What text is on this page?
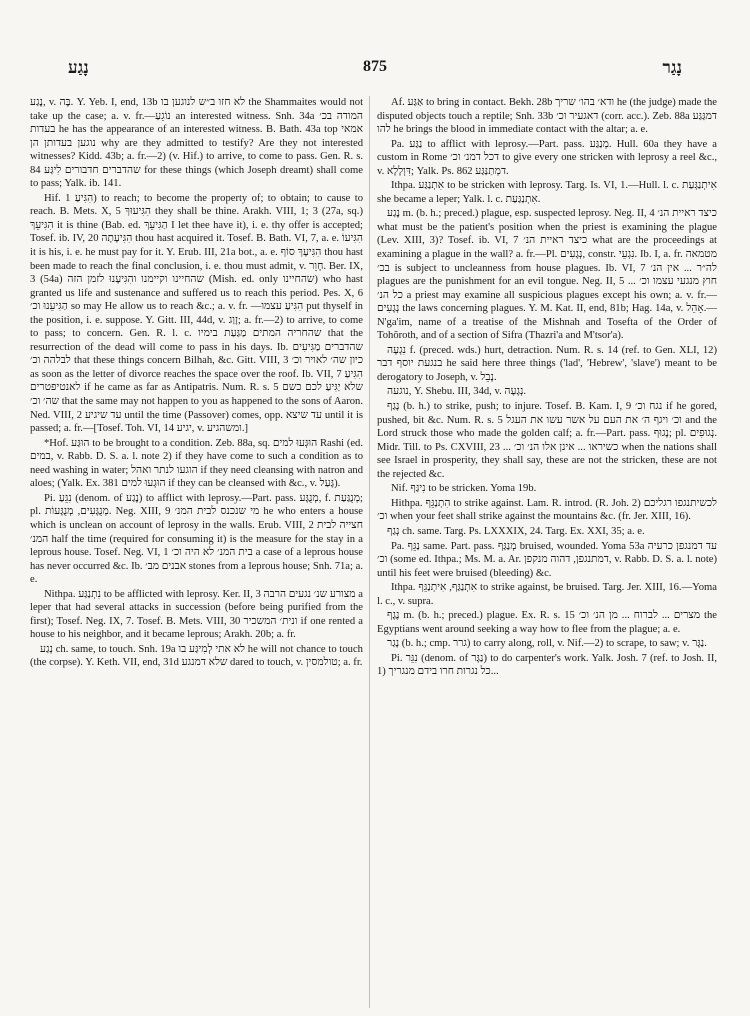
נָגַע	875	נָגַר

נֶגַע, v. בֶּה. Y. Yeb. I, end, 13b לא חזו ב״ש לנוגען בו the Shammaites would not take up the case; a. v. fr.—נוֹגֵעַ an interested witness. Snh. 34a המודה בכ׳ בעדות he has the appearance of an interested witness. B. Bath. 43a top אמאי נוגען בעדותן הן why are they admitted to testify? Are they not interested witnesses? Kidd. 43b; a. fr.—2) (v. Hif.) to arrive, to come to pass. Gen. R. s. 84 שהדברים חדבורים לִיגַּע for these things (which Joseph dreamt) shall come to pass; Yalk. ib. 141.

Hif. הִגִּיעַ 1) to reach; to become the property of; to obtain; to cause to reach. B. Mets. X, 5 הִגִּיעוּךְ they shall be thine. Arakh. VIII, 1; 3 (27a, sq.) הִגִּיעֵךְ it is thine (Bab. ed. הַגִּיעֵךְ I let thee have it), i. e. thy offer is accepted; Tosef. ib. IV, 20 הִגִּיעָתָה thou hast acquired it. Tosef. B. Bath. VI, 7, a. e. הִגִּיעוֹ it is his, i. e. he must pay for it. Y. Erub. III, 21a bot., a. e. הִגִּיעָךְ סוֹף thou hast been made to reach the final conclusion, i. e. thou must admit, v. חָוֵר. Ber. IX, 3 (54a) שהחיינו וקיימנו והִגִּיעָנוּ לזמן הזה (Mish. ed. only שהחיינו) who hast granted us life and sustenance and suffered us to reach this period. Pes. X, 6 הַגִּיעֵנוּ וכ׳ so may He allow us to reach &c.; a. v. fr. —הִגִּיעַ עצמו put thyself in the position, i. e. suppose. Y. Gitt. III, 44d, v. זָוַג; a. fr.—2) to arrive, to come to pass; to concern. Gen. R. l. c. שהחריה המתים מַגַּעַת בימיו that the resurrection of the dead will come to pass in his days. Ib. שהדברים מַגִּיעִים לבלהה וכ׳ that these things concern Bilhah, &c. Gitt. VIII, 3 כיון שה׳ לאויר וכ׳ as soon as the letter of divorce reaches the space over the roof. Ib. VII, 7 הִגִּיעַ לאנטיפטרים if he came as far as Antipatris. Num. R. s. 5 שלא יַגִּיעַ לכם כשם שה׳ וכ׳ that the same may not happen to you as happened to the sons of Aaron. Ned. VIII, 2 עד שיגיע until the time (Passover) comes, opp. עד שיצא until it is passed; a. fr.—[Tosef. Toh. VI, 14 יגיע, v. ומשהגיע.]

*Hof. הוּגַּע to be brought to a condition. Zeb. 88a, sq. הוּגְּעוּ למים Rashi (ed. במים, v. Rabb. D. S. a. l. note 2) if they have come to such a condition as to need washing in water; הוגעו לנתר ואהל if they need cleansing with natron and aloes; (Yalk. Ex. 381 הוּגְעוּ למים if they can be cleansed with &c., v. גָּעַל).

Pi. נִגֵּעַ (denom. of נֶגַע) to afflict with leprosy.—Part. pass. מְנֻגָּע, f. מְנֻגַּעַת; pl. מְנֻגָּעִים, מְנֻגָּעוֹת. Neg. XIII, 9 מי שנכנס לבית המנ׳ he who enters a house which is unclean on account of leprosy in the walls. Erub. VIII, 2 חצייה לבית המנ׳ half the time (required for consuming it) is the measure for the stay in a leprous house. Tosef. Neg. VI, 1 בית המנ׳ לא היה וכ׳ a case of a leprous house has never occurred &c. Ib. אבנים מב׳ stones from a leprous house; Snh. 71a; a. e.

Nithpa. נִתְנַגַּע to be afflicted with leprosy. Ker. II, 3 מצורע שנ׳ נגעים הרבה a leper that had several attacks in succession (before being purified from the first); Tosef. Neg. IX, 7. Tosef. B. Mets. VIII, 30 ונית׳ המשכיר if one rented a house to his neighbor, and it became leprous; Arakh. 20b; a. fr.

נְגַע ch. same, to touch. Snh. 19a לא אתי לְמִיגַּע בו he will not chance to touch (the corpse). Y. Keth. VII, end, 31d שלא דמנגע dared to touch, v. טולמסין; a. fr.

Af. אַגַּע to bring in contact. Bekh. 28b ודא׳ בהו׳ שריך he (the judge) made the disputed objects touch a reptile; Snh. 33b דאגעיר וכ׳ (corr. acc.). Zeb. 88a דמגַּגַּע להו he brings the blood in immediate contact with the altar; a. e.

Pa. נַגַּע to afflict with leprosy.—Part. pass. מְנַגַּע. Hull. 60a they have a custom in Rome דכל דמנ׳ וכ׳ to give every one stricken with leprosy a reel &c., v. דִּוְלָלָא; Yalk. Ps. 862 דמְתַנַּגַּע.

Ithpa. אִתְנַגַּע to be stricken with leprosy. Targ. Is. VI, 1.—Hull. l. c. אִיתְנַגְּעַת she became a leper; Yalk. l. c. אִתְנַגַּעַת.

נֶגַע m. (b. h.; preced.) plague, esp. suspected leprosy. Neg. II, 4 כיצד ראיית הנ׳ what must be the patient's position when the priest is examining the plague (Lev. XIII, 3)? Tosef. ib. VI, 7 כיצד ראיית הנ׳ what are the proceedings at examining a plague in the wall? a. fr.—Pl. נְגָעִים, constr. נִגְעֵי. Ib. I, a. fr. מטמאה בכ׳ is subject to uncleanness from house plagues. Ib. VI, 7 לה״ר ... אין הנ׳ plagues are the punishment for an evil tongue. Neg. II, 5 חוץ מנגעי עצמו וכ׳ ... כל הנ׳ a priest may examine all suspicious plagues except his own; a. v. fr.—נְגָעִים the laws concerning plagues. Y. M. Kat. II, end, 81b; Hag. 14a, v. אָהֵל.—N'ga'im, name of a treatise of the Mishnah and Tosefta of the Order of Tohŏroth, and of a section of Sifra (Thazri'a and M'tsor'a).

נִגְעָה f. (preced. wds.) hurt, detraction. Num. R. s. 14 (ref. to Gen. XLI, 12) בנגעת יוסף דבר he said here three things ('lad', 'Hebrew', 'slave') meant to be derogatory to Joseph, v. נָבֵל.

נוגעה, Y. Shebu. III, 34d, v. נְגָעָה.

נָגַף (b. h.) to strike, push; to injure. Tosef. B. Kam. I, 9 נגח וכ׳ if he gored, pushed, bit &c. Num. R. s. 5 וכ׳ ויגף ה׳ את העם על אשר עשו את העגל and the Lord struck those who made the golden calf; a. fr.—Part. pass. נָגוּף; pl. נְגוּפִים. Midr. Till. to Ps. CXVIII, 23 ... כשיראו ... אינן אלו הנ׳ וכ׳ when the nations shall see Israel in prosperity, they shall say, these are not the stricken, these are not the rejected &c.

Nif. נִיגַּף to be stricken. Yoma 19b.

Hithpa. הִתְנַגֵּף to strike against. Lam. R. introd. (R. Joh. 2) לכשיתנגפו רגליכם וכ׳ when your feet shall strike against the mountains &c. (fr. Jer. XIII, 16).

נְגַף ch. same. Targ. Ps. LXXXIX, 24. Targ. Ex. XXI, 35; a. e.

Pa. נַגֵּף same. Part. pass. מְנַגַּף bruised, wounded. Yoma 53a עד דמנגפן כרעיה וכ׳ (some ed. Ithpa.; Ms. M. a. Ar. דמתנגפן, דהוה מנקפן, v. Rabb. D. S. a. l. note) until his feet were bruised (bleeding) &c.

Ithpa. אִתְנַגַּף, אִיתְנַגֵּף to strike against, be bruised. Targ. Jer. XIII, 16.—Yoma l. c., v. supra.

נֶגֶף m. (b. h.; preced.) plague. Ex. R. s. 15 מצרים ... לברוח ... מן הנ׳ וכ׳ the Egyptians went around seeking a way how to flee from the plague; a. e.

נָגַר (b. h.; cmp. גרר) to carry along, roll, v. Nif.—2) to scrape, to saw; v. נַגָּר.

Pi. נִגֵּר (denom. of נַגָּר) to do carpenter's work. Yalk. Josh. 7 (ref. to Josh. II, 1) כל נגרות חרו בידם מנגריך...
